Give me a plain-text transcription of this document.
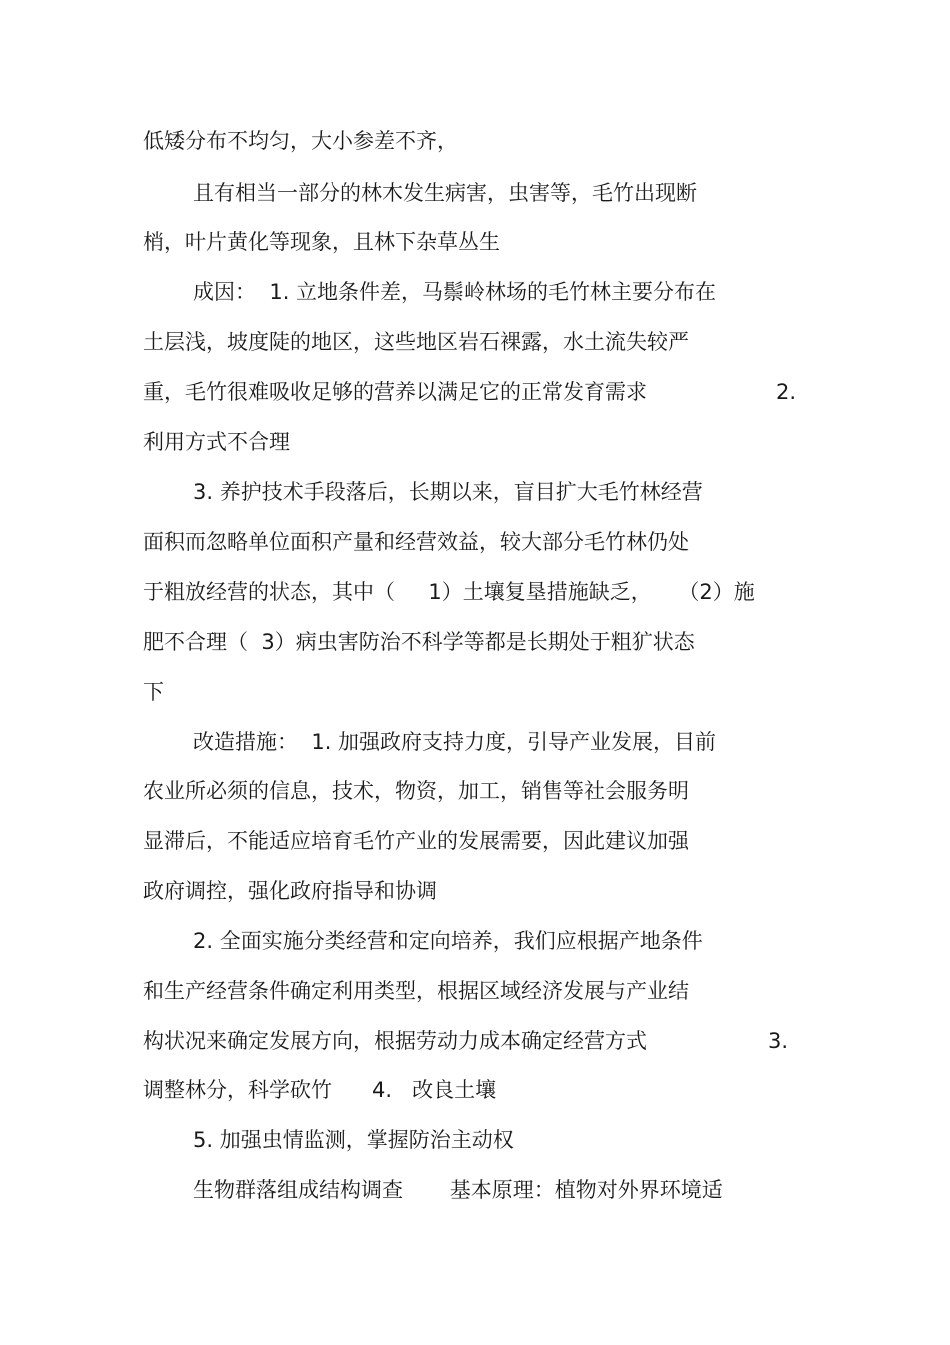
低矮分布不均匀，大小参差不齐，
且有相当一部分的林木发生病害，虫害等，毛竹出现断
梢，叶片黄化等现象，且林下杂草丛生
成因：  1. 立地条件差，马鬃岭林场的毛竹林主要分布在
土层浅，坡度陡的地区，这些地区岩石裸露，水土流失较严
重，毛竹很难吸收足够的营养以满足它的正常发育需求	2.
利用方式不合理
3. 养护技术手段落后，长期以来，盲目扩大毛竹林经营
面积而忽略单位面积产量和经营效益，较大部分毛竹林仍处
于粗放经营的状态，其中（     1）土壤复垦措施缺乏，    （2）施
肥不合理（  3）病虫害防治不科学等都是长期处于粗犷状态
下
改造措施：  1. 加强政府支持力度，引导产业发展，目前
农业所必须的信息，技术，物资，加工，销售等社会服务明
显滞后，不能适应培育毛竹产业的发展需要，因此建议加强
政府调控，强化政府指导和协调
2. 全面实施分类经营和定向培养，我们应根据产地条件
和生产经营条件确定利用类型，根据区域经济发展与产业结
构状况来确定发展方向，根据劳动力成本确定经营方式	3.
调整林分，科学砍竹      4.   改良土壤
5. 加强虫情监测，掌握防治主动权
生物群落组成结构调查       基本原理：植物对外界环境适
